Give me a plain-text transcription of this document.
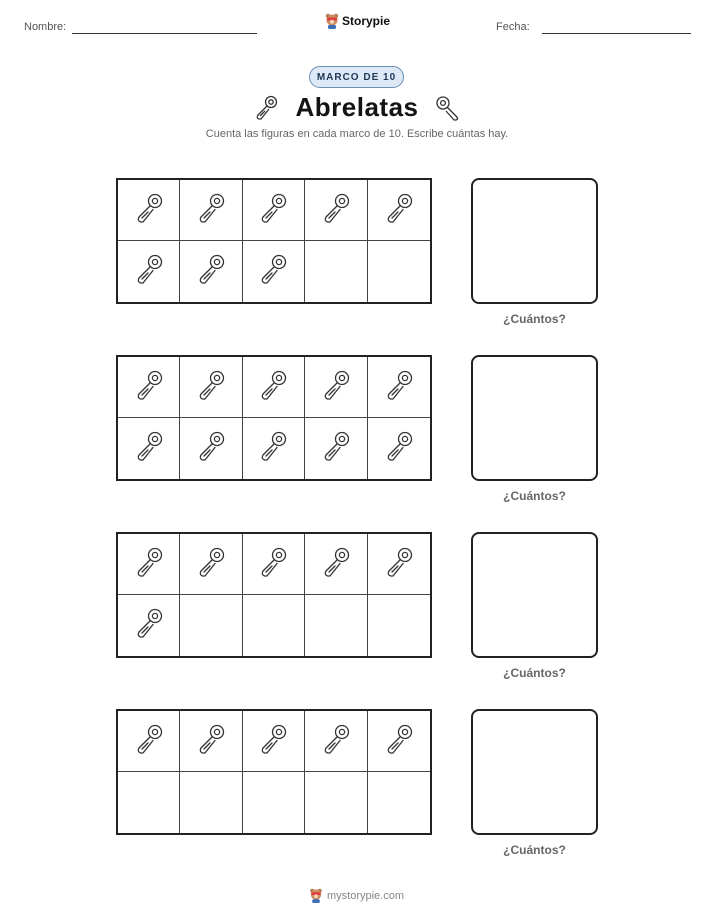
Nombre:	Storypie	Fecha:
MARCO DE 10
Abrelatas
Cuenta las figuras en cada marco de 10. Escribe cuántas hay.
¿Cuántos?
¿Cuántos?
¿Cuántos?
¿Cuántos?
mystorypie.com
